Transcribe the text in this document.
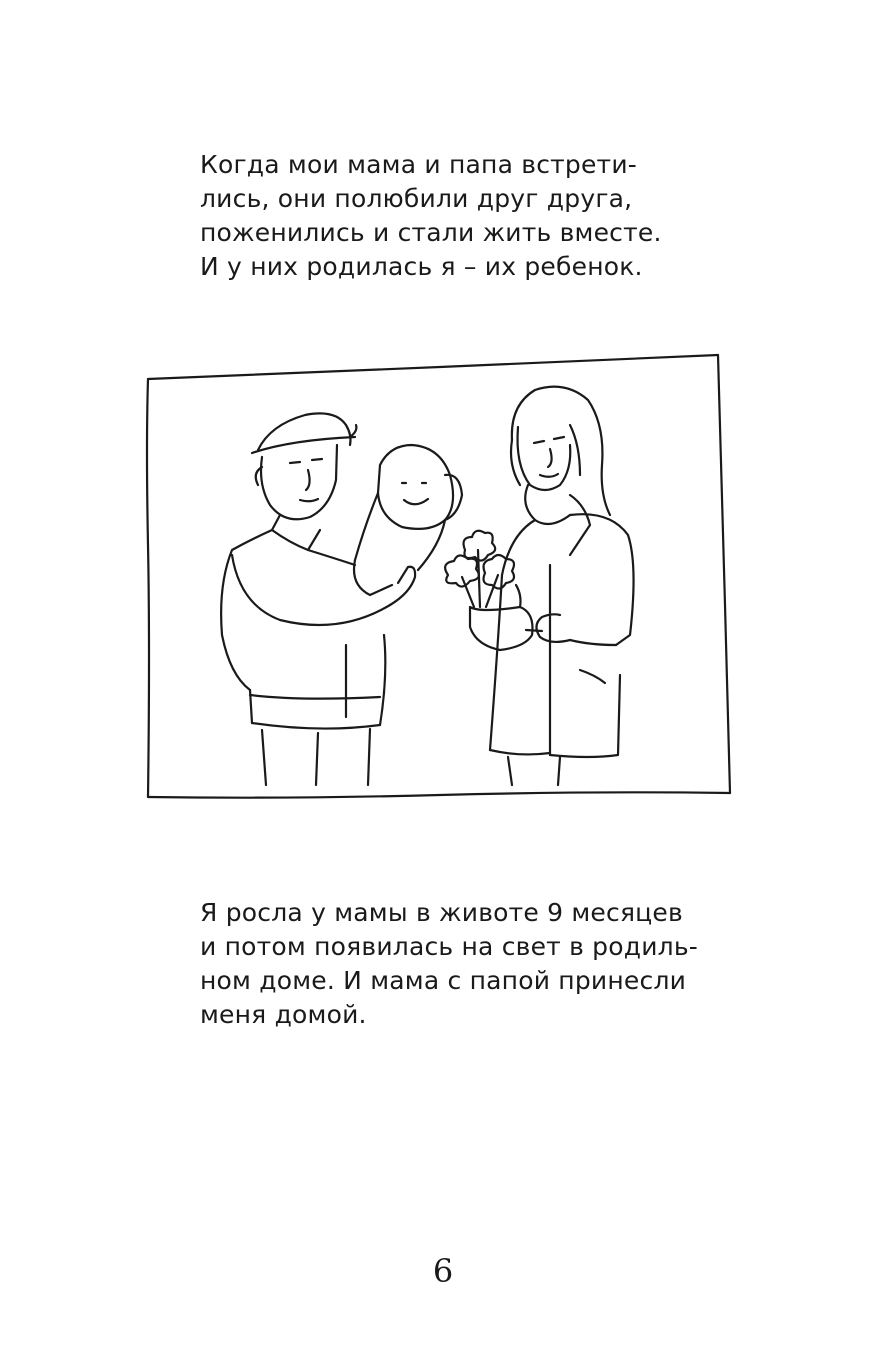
Когда мои мама и папа встрети-
лись, они полюбили друг друга,
поженились и стали жить вместе.
И у них родилась я – их ребенок.
Я росла у мамы в животе 9 месяцев
и потом появилась на свет в родиль-
ном доме. И мама с папой принесли
меня домой.
6
